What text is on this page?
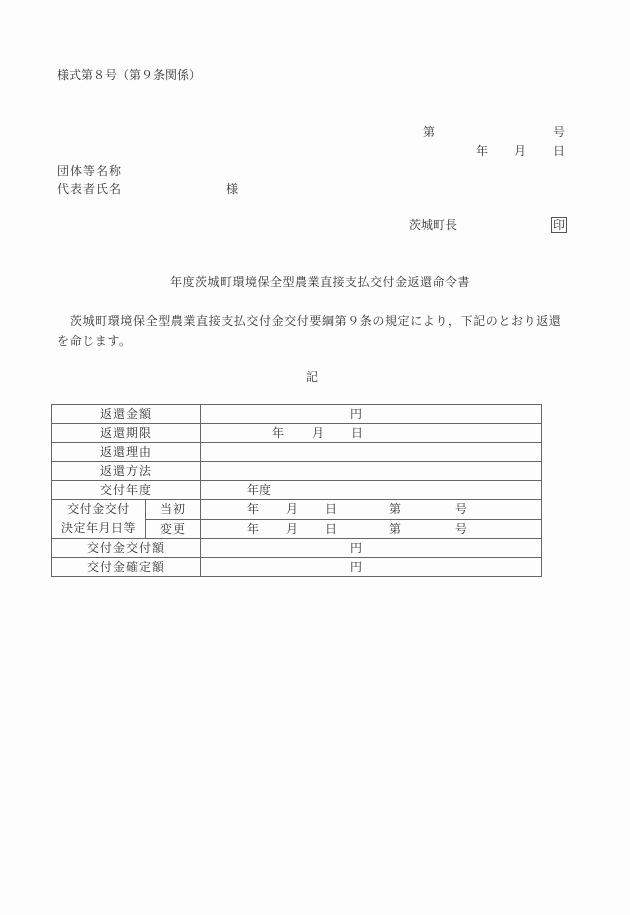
様式第８号（第９条関係）
第	号
年 月 日
団体等名称
代表者氏名	様
茨城町長	印
年度茨城町環境保全型農業直接支払交付金返還命令書
茨城町環境保全型農業直接支払交付金交付要綱第９条の規定により，下記のとおり返還を命じます。
記
返還金額		円

返還期限		年 月 日

返還理由		
返還方法		
交付年度		年度

交付金交付
決定年月日等	当初	年 月 日 第 号

	変更	年 月 日 第 号

交付金交付額		円

交付金確定額		円
